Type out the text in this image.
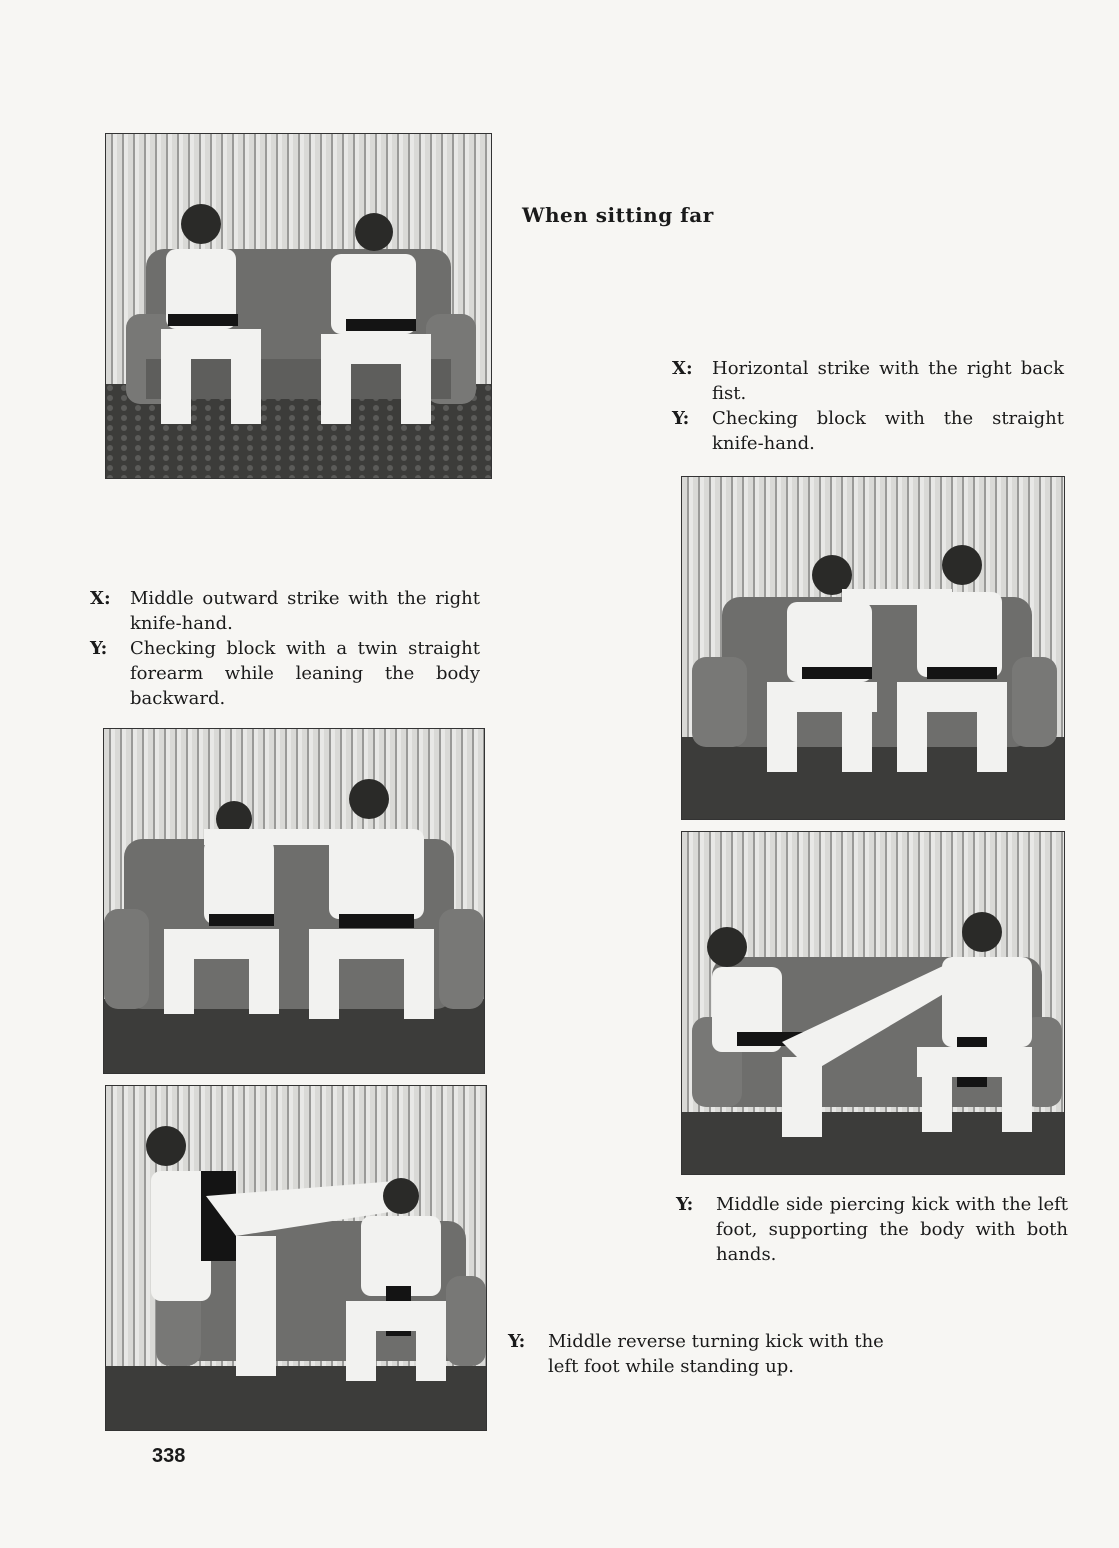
When sitting far
X:	Horizontal strike with the right back fist.
Y:	Checking block with the straight knife-hand.
X:	Middle outward strike with the right knife-hand.
Y:	Checking block with a twin straight forearm while leaning the body backward.
Y:	Middle side piercing kick with the left foot, supporting the body with both hands.
Y:	Middle reverse turning kick with the left foot while standing up.
338
